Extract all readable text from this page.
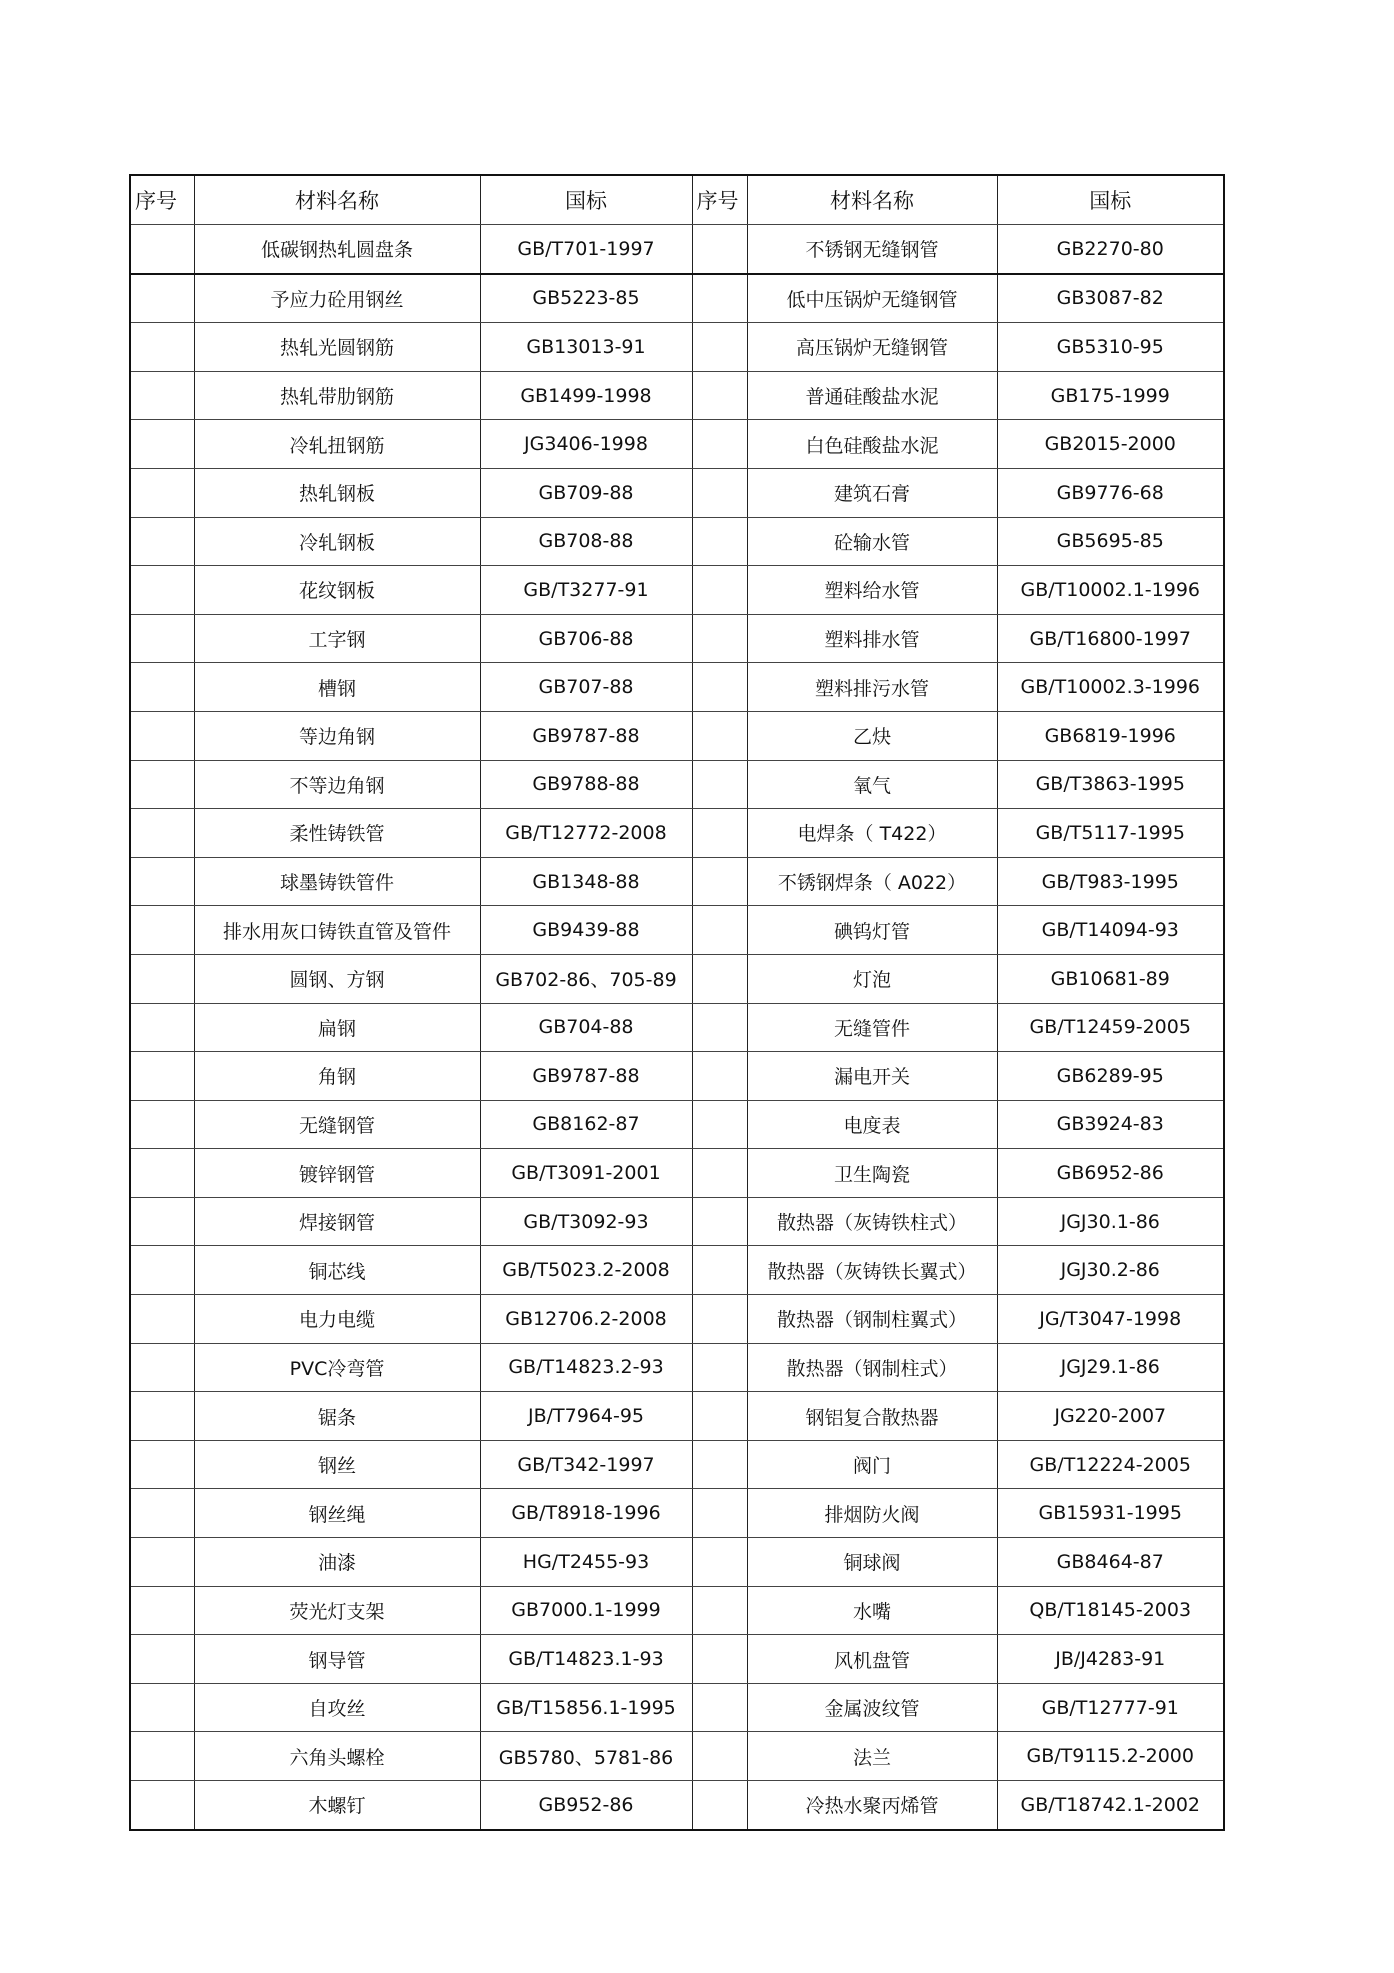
序号	材料名称	国标	序号	材料名称	国标
	低碳钢热轧圆盘条	GB/T701-1997		不锈钢无缝钢管	GB2270-80
	予应力砼用钢丝	GB5223-85		低中压锅炉无缝钢管	GB3087-82
	热轧光圆钢筋	GB13013-91		高压锅炉无缝钢管	GB5310-95
	热轧带肋钢筋	GB1499-1998		普通硅酸盐水泥	GB175-1999
	冷轧扭钢筋	JG3406-1998		白色硅酸盐水泥	GB2015-2000
	热轧钢板	GB709-88		建筑石膏	GB9776-68
	冷轧钢板	GB708-88		砼输水管	GB5695-85
	花纹钢板	GB/T3277-91		塑料给水管	GB/T10002.1-1996
	工字钢	GB706-88		塑料排水管	GB/T16800-1997
	槽钢	GB707-88		塑料排污水管	GB/T10002.3-1996
	等边角钢	GB9787-88		乙炔	GB6819-1996
	不等边角钢	GB9788-88		氧气	GB/T3863-1995
	柔性铸铁管	GB/T12772-2008		电焊条（ T422）	GB/T5117-1995
	球墨铸铁管件	GB1348-88		不锈钢焊条（ A022）	GB/T983-1995
	排水用灰口铸铁直管及管件	GB9439-88		碘钨灯管	GB/T14094-93
	圆钢、方钢	GB702-86、705-89		灯泡	GB10681-89
	扁钢	GB704-88		无缝管件	GB/T12459-2005
	角钢	GB9787-88		漏电开关	GB6289-95
	无缝钢管	GB8162-87		电度表	GB3924-83
	镀锌钢管	GB/T3091-2001		卫生陶瓷	GB6952-86
	焊接钢管	GB/T3092-93		散热器（灰铸铁柱式）	JGJ30.1-86
	铜芯线	GB/T5023.2-2008		散热器（灰铸铁长翼式）	JGJ30.2-86
	电力电缆	GB12706.2-2008		散热器（钢制柱翼式）	JG/T3047-1998
	PVC冷弯管	GB/T14823.2-93		散热器（钢制柱式）	JGJ29.1-86
	锯条	JB/T7964-95		钢铝复合散热器	JG220-2007
	钢丝	GB/T342-1997		阀门	GB/T12224-2005
	钢丝绳	GB/T8918-1996		排烟防火阀	GB15931-1995
	油漆	HG/T2455-93		铜球阀	GB8464-87
	荧光灯支架	GB7000.1-1999		水嘴	QB/T18145-2003
	钢导管	GB/T14823.1-93		风机盘管	JB/J4283-91
	自攻丝	GB/T15856.1-1995		金属波纹管	GB/T12777-91
	六角头螺栓	GB5780、5781-86		法兰	GB/T9115.2-2000
	木螺钉	GB952-86		冷热水聚丙烯管	GB/T18742.1-2002
